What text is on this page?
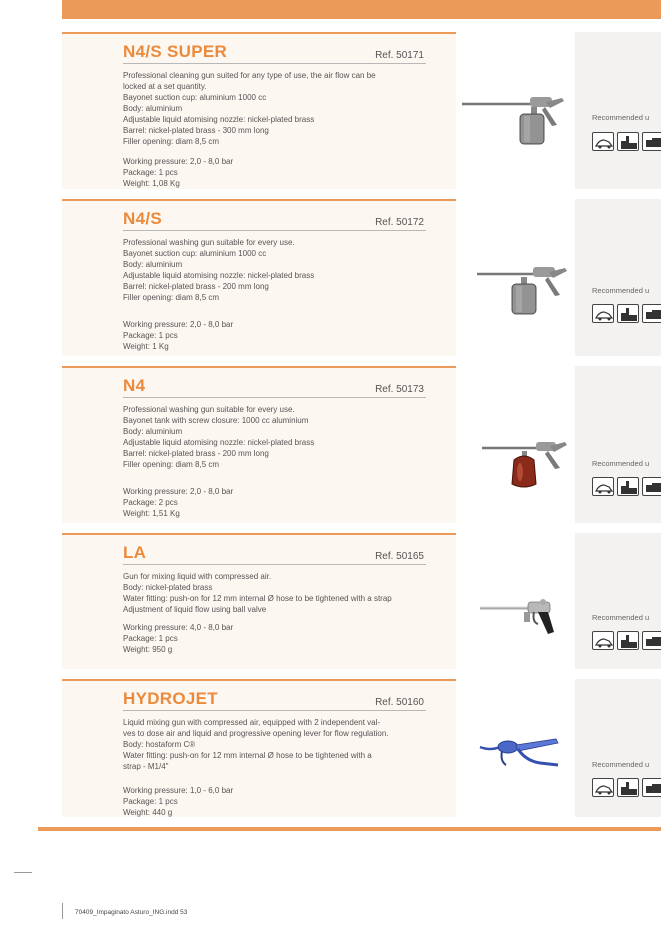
N4/S SUPER	Ref. 50171
Professional cleaning gun suited for any type of use, the air flow can be
locked at a set quantity.
Bayonet suction cup: aluminium 1000 cc
Body: aluminium
Adjustable liquid atomising nozzle: nickel-plated brass
Barrel: nickel-plated brass - 300 mm long
Filler opening: diam 8,5 cm
Working pressure: 2,0 - 8,0 bar
Package: 1 pcs
Weight: 1,08 Kg
Recommended u
N4/S	Ref. 50172
Professional washing gun suitable for every use.
Bayonet suction cup: aluminium 1000 cc
Body: aluminium
Adjustable liquid atomising nozzle: nickel-plated brass
Barrel: nickel-plated brass - 200 mm long
Filler opening: diam 8,5 cm
Working pressure: 2,0 - 8,0 bar
Package: 1 pcs
Weight: 1 Kg
Recommended u
N4	Ref. 50173
Professional washing gun suitable for every use.
Bayonet tank with screw closure: 1000 cc aluminium
Body: aluminium
Adjustable liquid atomising nozzle: nickel-plated brass
Barrel: nickel-plated brass - 200 mm long
Filler opening: diam 8,5 cm
Working pressure: 2,0 - 8,0 bar
Package: 2 pcs
Weight: 1,51 Kg
Recommended u
LA	Ref. 50165
Gun for mixing liquid with compressed air.
Body: nickel-plated brass
Water fitting: push-on for 12 mm internal Ø hose to be tightened with a strap
Adjustment of liquid flow using ball valve
Working pressure: 4,0 - 8,0 bar
Package: 1 pcs
Weight: 950 g
Recommended u
HYDROJET	Ref. 50160
Liquid mixing gun with compressed air, equipped with 2 independent val-
ves to dose air and liquid and progressive opening lever for flow regulation.
Body: hostaform C®
Water fitting: push-on for 12 mm internal Ø hose to be tightened with a
strap - M1/4"
Working pressure: 1,0 - 6,0 bar
Package: 1 pcs
Weight: 440 g
Recommended u
70409_Impaginato Asturo_ING.indd 53
